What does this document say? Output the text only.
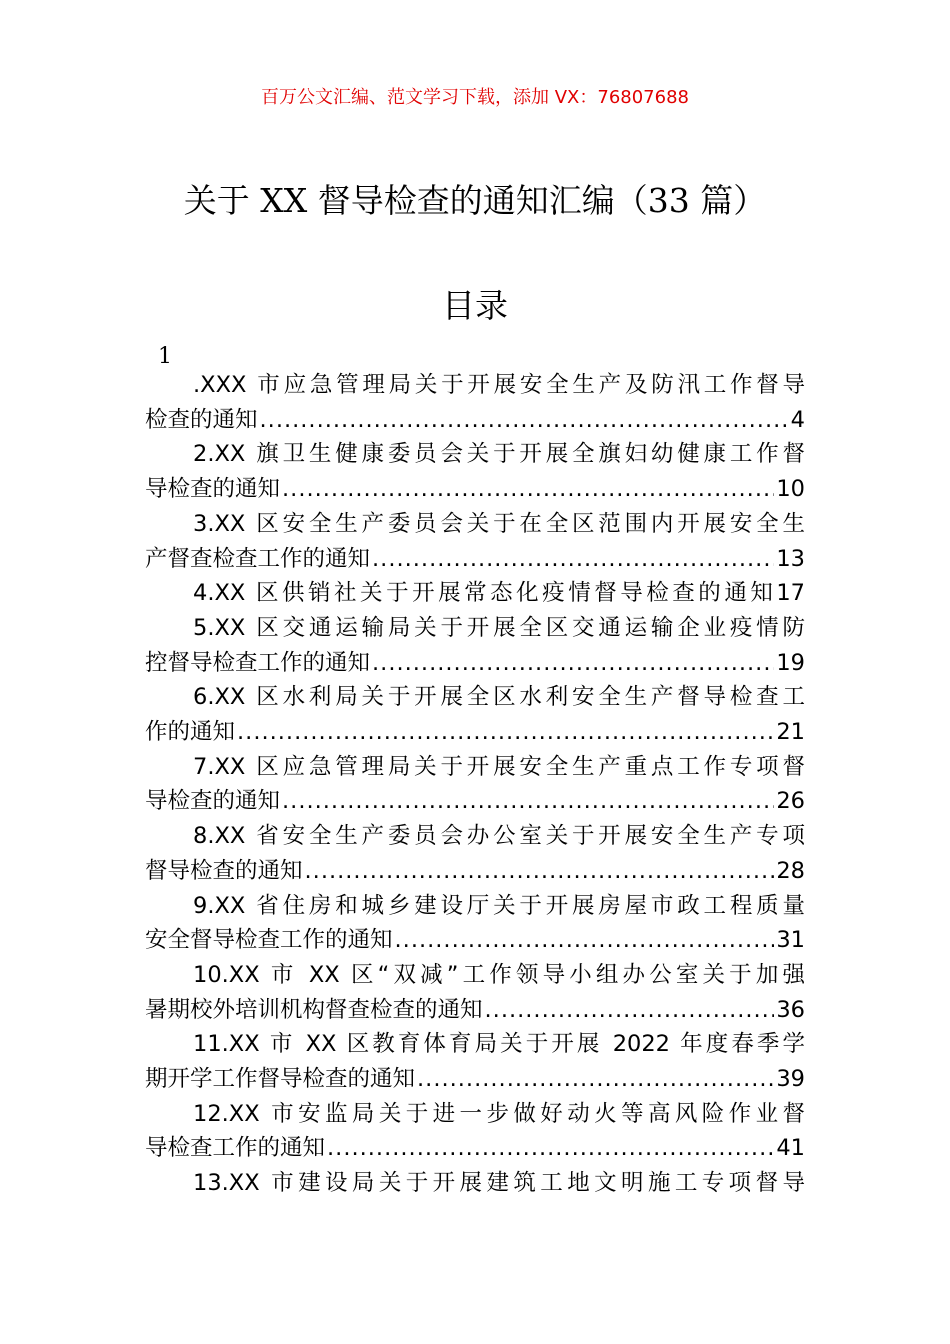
百万公文汇编、范文学习下载，添加 VX：76807688
关于 XX 督导检查的通知汇编（33 篇）
目录
1
.XXX 市应急管理局关于开展安全生产及防汛工作督导
检查的通知 .....	4
2.XX 旗卫生健康委员会关于开展全旗妇幼健康工作督
导检查的通知 .....	10
3.XX 区安全生产委员会关于在全区范围内开展安全生
产督查检查工作的通知 .....	13
4.XX 区供销社关于开展常态化疫情督导检查的通知17
5.XX 区交通运输局关于开展全区交通运输企业疫情防
控督导检查工作的通知 .....	19
6.XX 区水利局关于开展全区水利安全生产督导检查工
作的通知 .....	21
7.XX 区应急管理局关于开展安全生产重点工作专项督
导检查的通知 .....	26
8.XX 省安全生产委员会办公室关于开展安全生产专项
督导检查的通知 .....	28
9.XX 省住房和城乡建设厅关于开展房屋市政工程质量
安全督导检查工作的通知 .....	31
10.XX 市 XX 区“双减”工作领导小组办公室关于加强
暑期校外培训机构督查检查的通知 .....	36
11.XX 市 XX 区教育体育局关于开展 2022 年度春季学
期开学工作督导检查的通知 .....	39
12.XX 市安监局关于进一步做好动火等高风险作业督
导检查工作的通知 .....	41
13.XX 市建设局关于开展建筑工地文明施工专项督导
